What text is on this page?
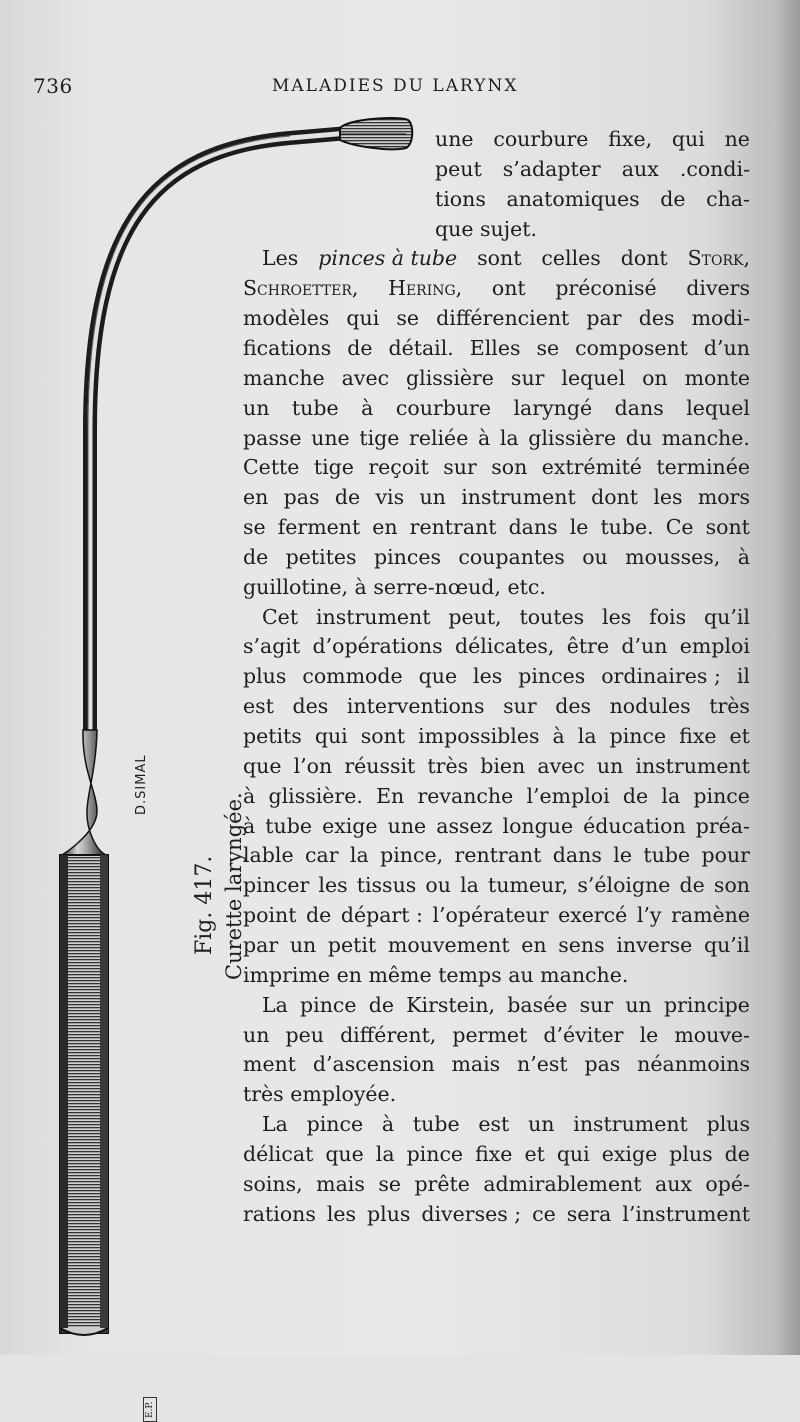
736	MALADIES DU LARYNX
D.SIMAL
Fig. 417. Curette laryngée.
E.P.
une courbure fixe, qui ne
peut s’adapter aux .condi-
tions anatomiques de cha-
que sujet.
Les pinces à tube sont celles dont Stork,
Schroetter, Hering, ont préconisé divers
modèles qui se différencient par des modi-
fications de détail. Elles se composent d’un
manche avec glissière sur lequel on monte
un tube à courbure laryngé dans lequel
passe une tige reliée à la glissière du manche.
Cette tige reçoit sur son extrémité terminée
en pas de vis un instrument dont les mors
se ferment en rentrant dans le tube. Ce sont
de petites pinces coupantes ou mousses, à
guillotine, à serre-nœud, etc.
Cet instrument peut, toutes les fois qu’il
s’agit d’opérations délicates, être d’un emploi
plus commode que les pinces ordinaires ; il
est des interventions sur des nodules très
petits qui sont impossibles à la pince fixe et
que l’on réussit très bien avec un instrument
à glissière. En revanche l’emploi de la pince
à tube exige une assez longue éducation préa-
lable car la pince, rentrant dans le tube pour
pincer les tissus ou la tumeur, s’éloigne de son
point de départ : l’opérateur exercé l’y ramène
par un petit mouvement en sens inverse qu’il
imprime en même temps au manche.
La pince de Kirstein, basée sur un principe
un peu différent, permet d’éviter le mouve-
ment d’ascension mais n’est pas néanmoins
très employée.
La pince à tube est un instrument plus
délicat que la pince fixe et qui exige plus de
soins, mais se prête admirablement aux opé-
rations les plus diverses ; ce sera l’instrument
